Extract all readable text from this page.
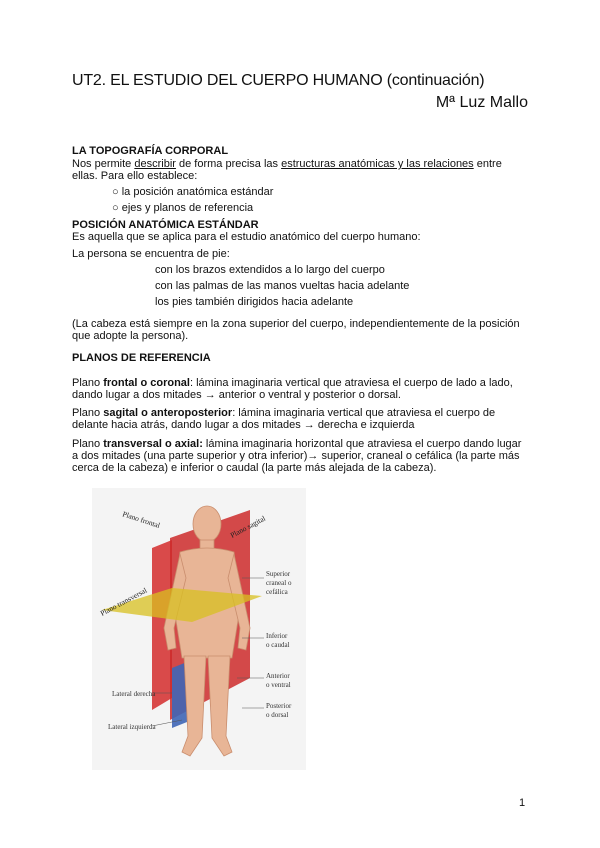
UT2. EL ESTUDIO DEL CUERPO HUMANO (continuación)
Mª Luz Mallo
LA TOPOGRAFÍA CORPORAL
Nos permite describir de forma precisa las estructuras anatómicas y las relaciones entre
ellas. Para ello establece:
○ la posición anatómica estándar
○ ejes y planos de referencia
POSICIÓN ANATÓMICA ESTÁNDAR
Es aquella que se aplica para el estudio anatómico del cuerpo humano:
La persona se encuentra de pie:
con los brazos extendidos a lo largo del cuerpo
con las palmas de las manos vueltas hacia adelante
los pies también dirigidos hacia adelante
(La cabeza está siempre en la zona superior del cuerpo, independientemente de la posición
que adopte la persona).
PLANOS DE REFERENCIA
Plano frontal o coronal: lámina imaginaria vertical que atraviesa el cuerpo de lado a lado,
dando lugar a dos mitades → anterior o ventral y posterior o dorsal.
Plano sagital o anteroposterior: lámina imaginaria vertical que atraviesa el cuerpo de
delante hacia atrás, dando lugar a dos mitades → derecha e izquierda
Plano transversal o axial: lámina imaginaria horizontal que atraviesa el cuerpo dando lugar
a dos mitades (una parte superior y otra inferior)→ superior, craneal o cefálica (la parte más
cerca de la cabeza) e inferior o caudal (la parte más alejada de la cabeza).
Plano frontal	Plano sagital
Plano transversal
Superior
craneal o
cefálica
Inferior
o caudal
Anterior
o ventral
Posterior
o dorsal
Lateral derecha
Lateral izquierda
1
